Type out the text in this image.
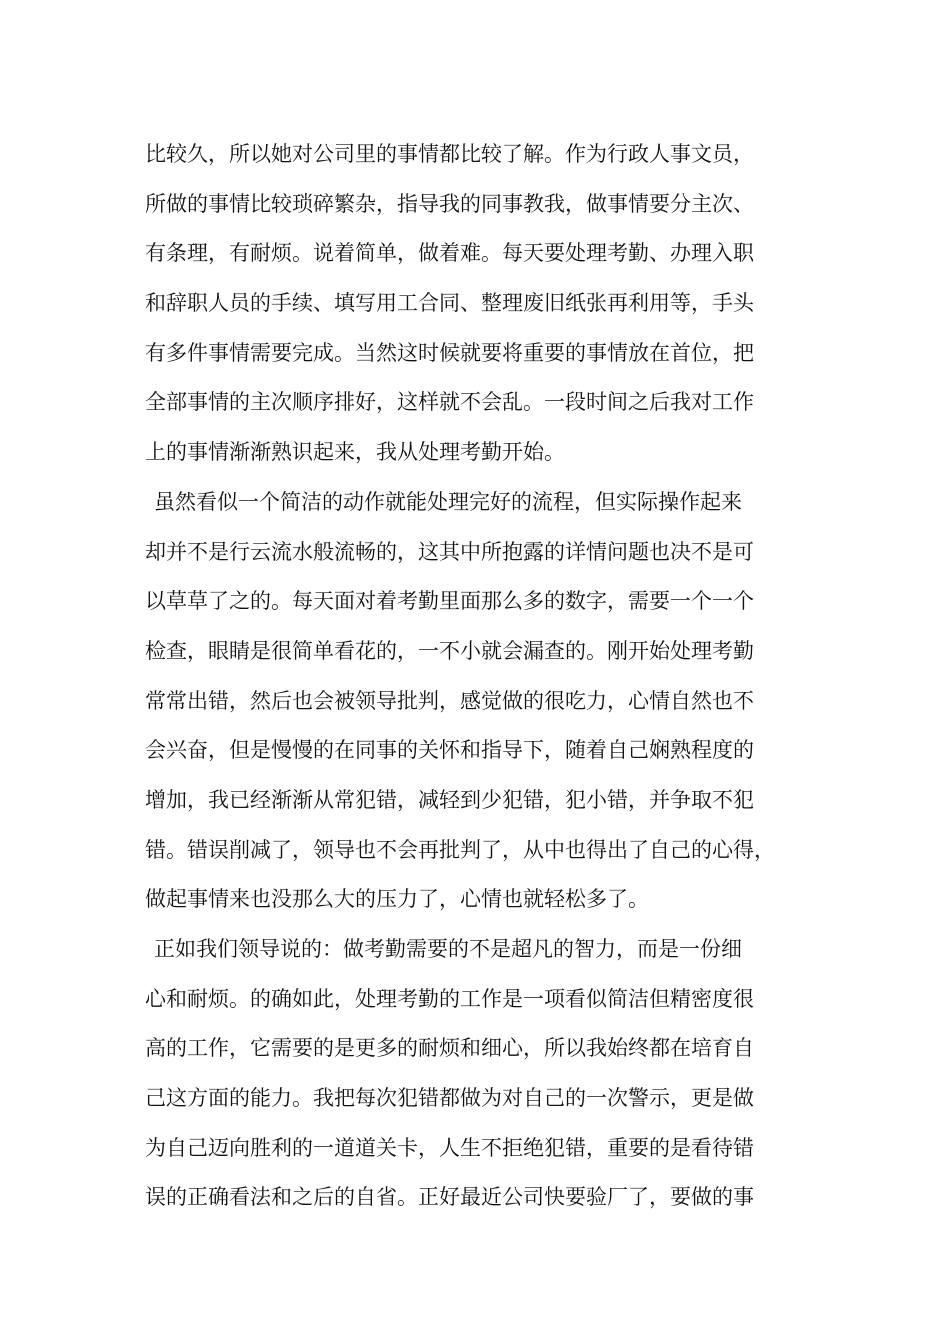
比较久，所以她对公司里的事情都比较了解。作为行政人事文员，
所做的事情比较琐碎繁杂，指导我的同事教我，做事情要分主次、
有条理，有耐烦。说着简单，做着难。每天要处理考勤、办理入职
和辞职人员的手续、填写用工合同、整理废旧纸张再利用等，手头
有多件事情需要完成。当然这时候就要将重要的事情放在首位，把
全部事情的主次顺序排好，这样就不会乱。一段时间之后我对工作
上的事情渐渐熟识起来，我从处理考勤开始。
虽然看似一个简洁的动作就能处理完好的流程，但实际操作起来
却并不是行云流水般流畅的，这其中所抱露的详情问题也决不是可
以草草了之的。每天面对着考勤里面那么多的数字，需要一个一个
检查，眼睛是很简单看花的，一不小就会漏查的。刚开始处理考勤
常常出错，然后也会被领导批判，感觉做的很吃力，心情自然也不
会兴奋，但是慢慢的在同事的关怀和指导下，随着自己娴熟程度的
增加，我已经渐渐从常犯错，减轻到少犯错，犯小错，并争取不犯
错。错误削减了，领导也不会再批判了，从中也得出了自己的心得，
做起事情来也没那么大的压力了，心情也就轻松多了。
正如我们领导说的：做考勤需要的不是超凡的智力，而是一份细
心和耐烦。的确如此，处理考勤的工作是一项看似简洁但精密度很
高的工作，它需要的是更多的耐烦和细心，所以我始终都在培育自
己这方面的能力。我把每次犯错都做为对自己的一次警示，更是做
为自己迈向胜利的一道道关卡，人生不拒绝犯错，重要的是看待错
误的正确看法和之后的自省。正好最近公司快要验厂了，要做的事
